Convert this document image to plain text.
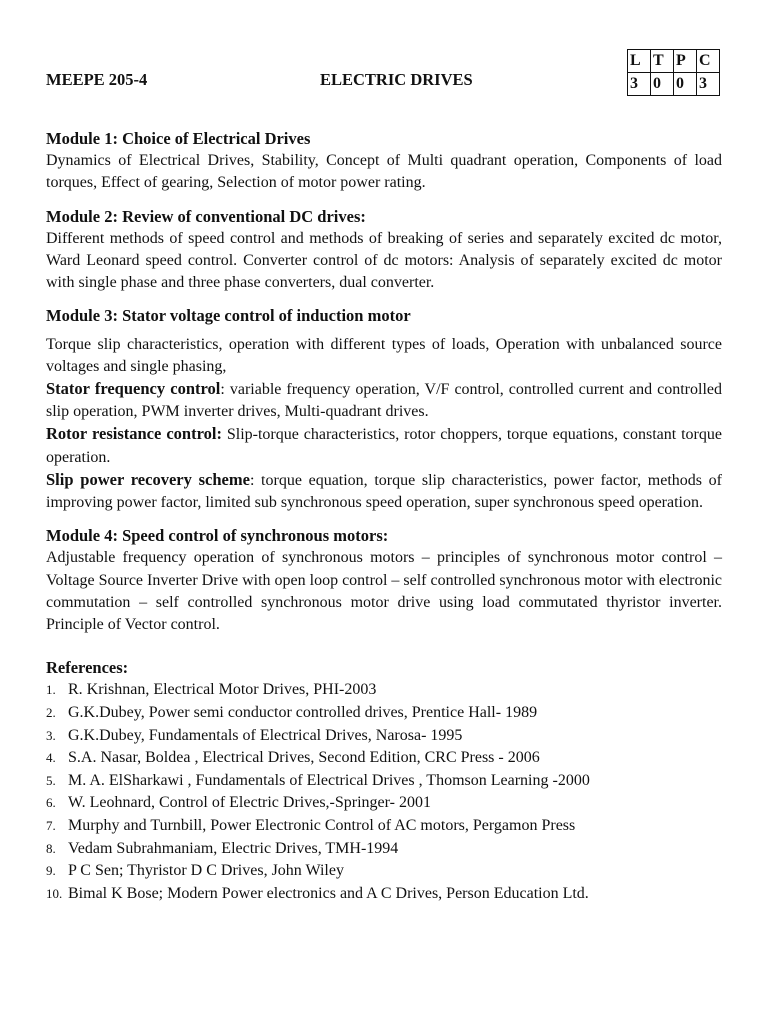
MEEPE 205-4	ELECTRIC DRIVES
L	T	P	C
3	0	0	3

Module 1: Choice of Electrical Drives

Dynamics of Electrical Drives, Stability, Concept of Multi quadrant operation, Components of load torques, Effect of gearing, Selection of motor power rating.

Module 2: Review of conventional DC drives:

Different methods of speed control and methods of breaking of series and separately excited dc motor, Ward Leonard speed control. Converter control of dc motors: Analysis of separately excited dc motor with single phase and three phase converters, dual converter.

Module 3: Stator voltage control of induction motor

Torque slip characteristics, operation with different types of loads, Operation with unbalanced source voltages and single phasing,

Stator frequency control: variable frequency operation, V/F control, controlled current and controlled slip operation, PWM inverter drives, Multi-quadrant drives.

Rotor resistance control: Slip-torque characteristics, rotor choppers, torque equations, constant torque operation.

Slip power recovery scheme: torque equation, torque slip characteristics, power factor, methods of improving power factor, limited sub synchronous speed operation, super synchronous speed operation.

Module 4: Speed control of synchronous motors:

Adjustable frequency operation of synchronous motors – principles of synchronous motor control – Voltage Source Inverter Drive with open loop control – self controlled synchronous motor with electronic commutation – self controlled synchronous motor drive using load commutated thyristor inverter. Principle of Vector control.

References:

1. R. Krishnan, Electrical Motor Drives, PHI-2003
2. G.K.Dubey, Power semi conductor controlled drives, Prentice Hall- 1989
3. G.K.Dubey, Fundamentals of Electrical Drives, Narosa- 1995
4. S.A. Nasar, Boldea , Electrical Drives, Second Edition, CRC Press - 2006
5. M. A. ElSharkawi , Fundamentals of Electrical Drives , Thomson Learning -2000
6. W. Leohnard, Control of Electric Drives,-Springer- 2001
7. Murphy and Turnbill, Power Electronic Control of AC motors, Pergamon Press
8. Vedam Subrahmaniam, Electric Drives, TMH-1994
9. P C Sen; Thyristor D C Drives, John Wiley
10. Bimal K Bose; Modern Power electronics and A C Drives, Person Education Ltd.
